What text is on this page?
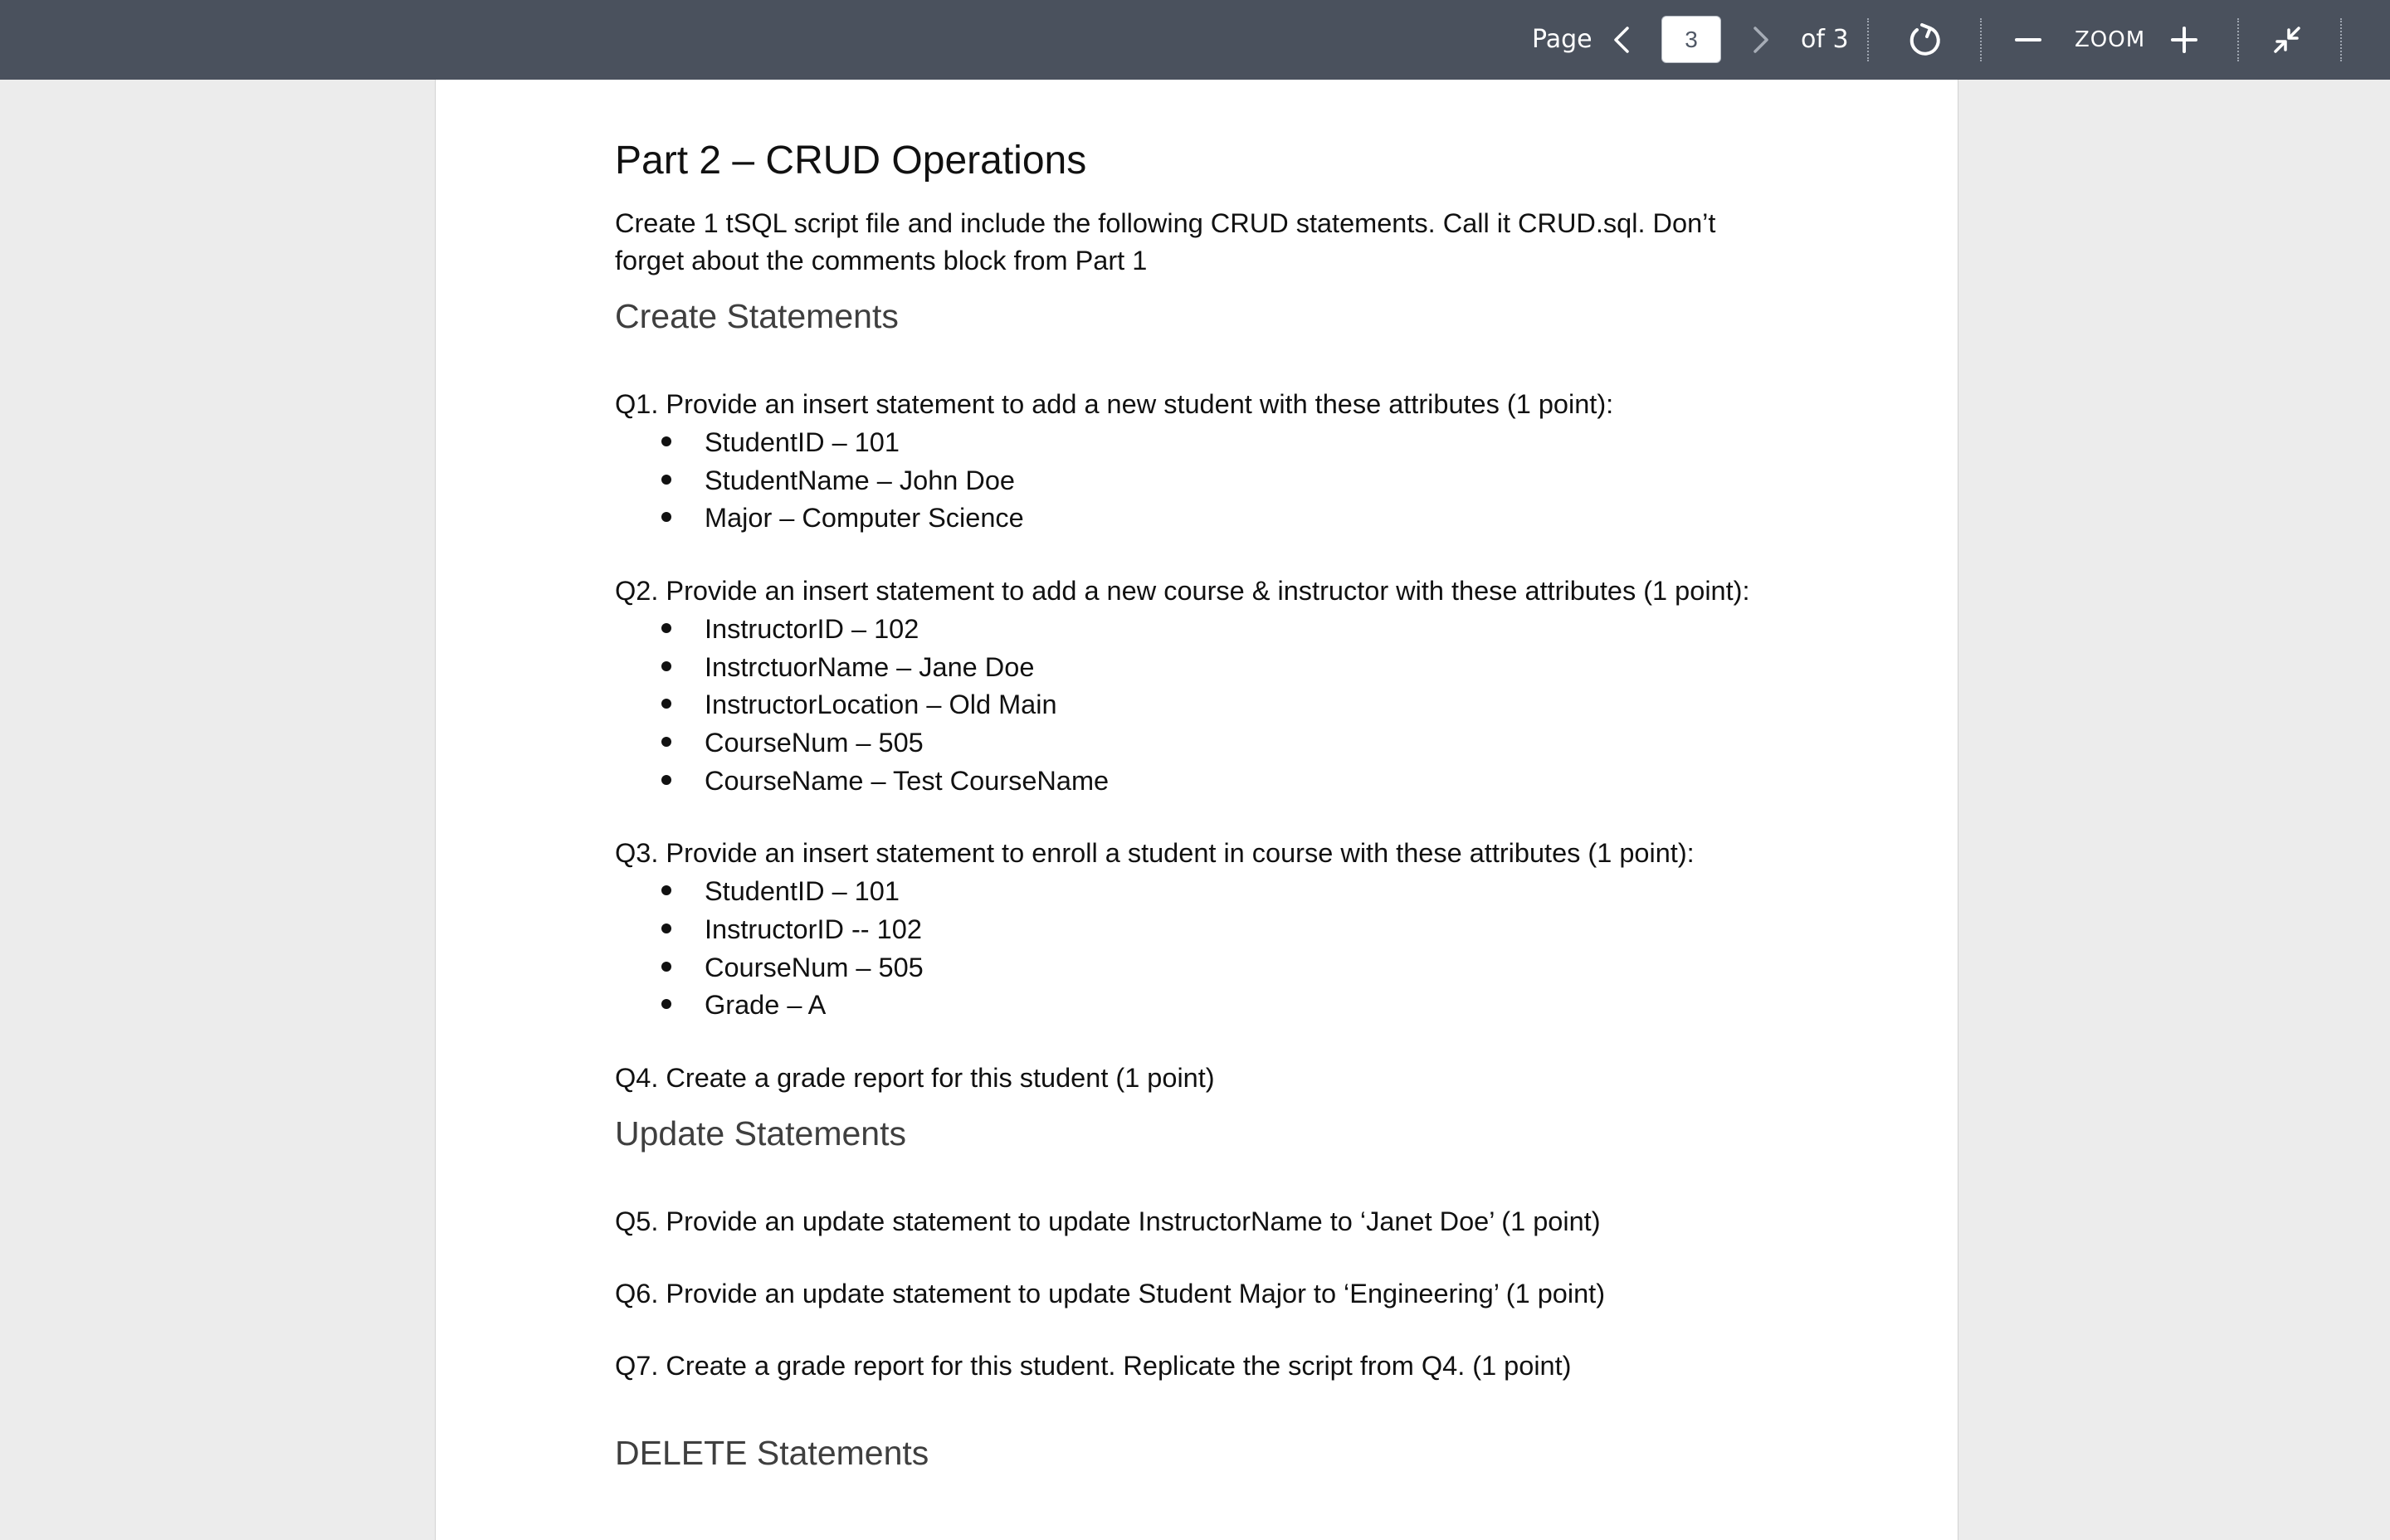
Page	3	of 3	ZOOM
Part 2 – CRUD Operations
Create 1 tSQL script file and include the following CRUD statements. Call it CRUD.sql. Don’t
forget about the comments block from Part 1
Create Statements
Q1. Provide an insert statement to add a new student with these attributes (1 point):
StudentID – 101
StudentName – John Doe
Major – Computer Science
Q2. Provide an insert statement to add a new course & instructor with these attributes (1 point):
InstructorID – 102
InstrctuorName – Jane Doe
InstructorLocation – Old Main
CourseNum – 505
CourseName – Test CourseName
Q3. Provide an insert statement to enroll a student in course with these attributes (1 point):
StudentID – 101
InstructorID -- 102
CourseNum – 505
Grade – A
Q4. Create a grade report for this student (1 point)
Update Statements
Q5. Provide an update statement to update InstructorName to ‘Janet Doe’ (1 point)
Q6. Provide an update statement to update Student Major to ‘Engineering’ (1 point)
Q7. Create a grade report for this student. Replicate the script from Q4. (1 point)
DELETE Statements
